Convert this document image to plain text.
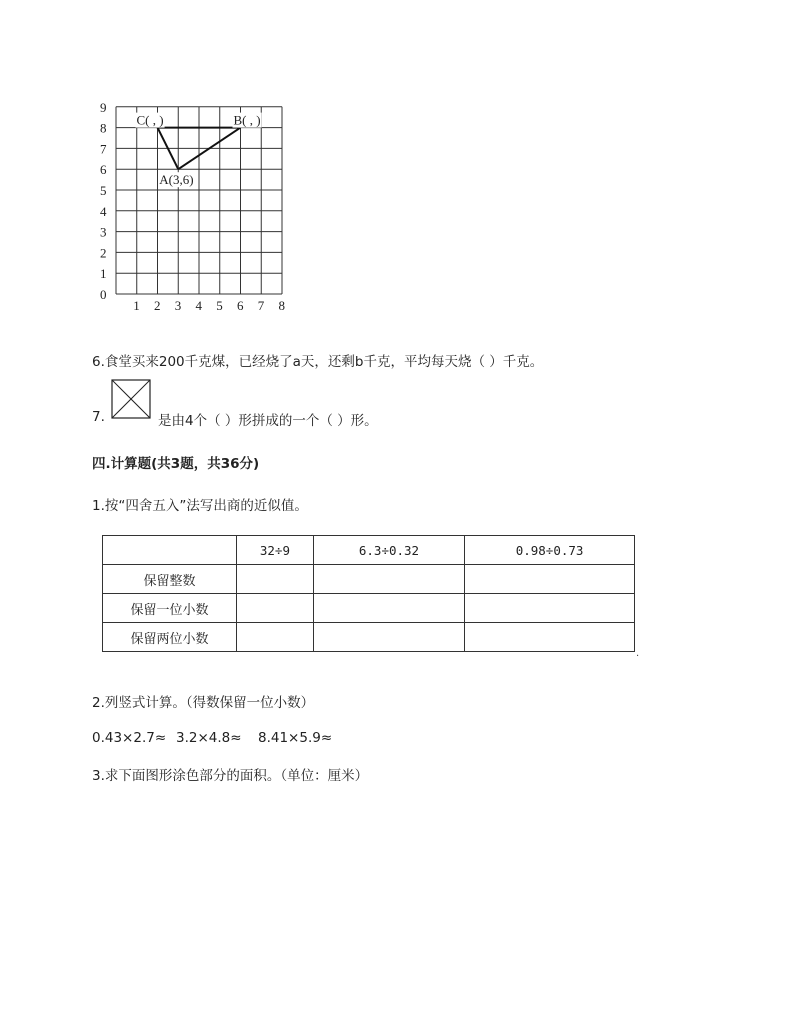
0
1
2
3
4
5
6
7
8
9
1 2 3 4 5 6 7 8
C( , )	B( , )
A(3,6)
6.食堂买来200千克煤，已经烧了a天，还剩b千克，平均每天烧（ ）千克。
7.	是由4个（ ）形拼成的一个（ ）形。
四.计算题(共3题，共36分)
1.按“四舍五入”法写出商的近似值。
	32÷9	6.3÷0.32	0.98÷0.73
保留整数			
保留一位小数			
保留两位小数			
.
2.列竖式计算。（得数保留一位小数）
0.43×2.7≈ 3.2×4.8≈ 8.41×5.9≈
3.求下面图形涂色部分的面积。（单位：厘米）
